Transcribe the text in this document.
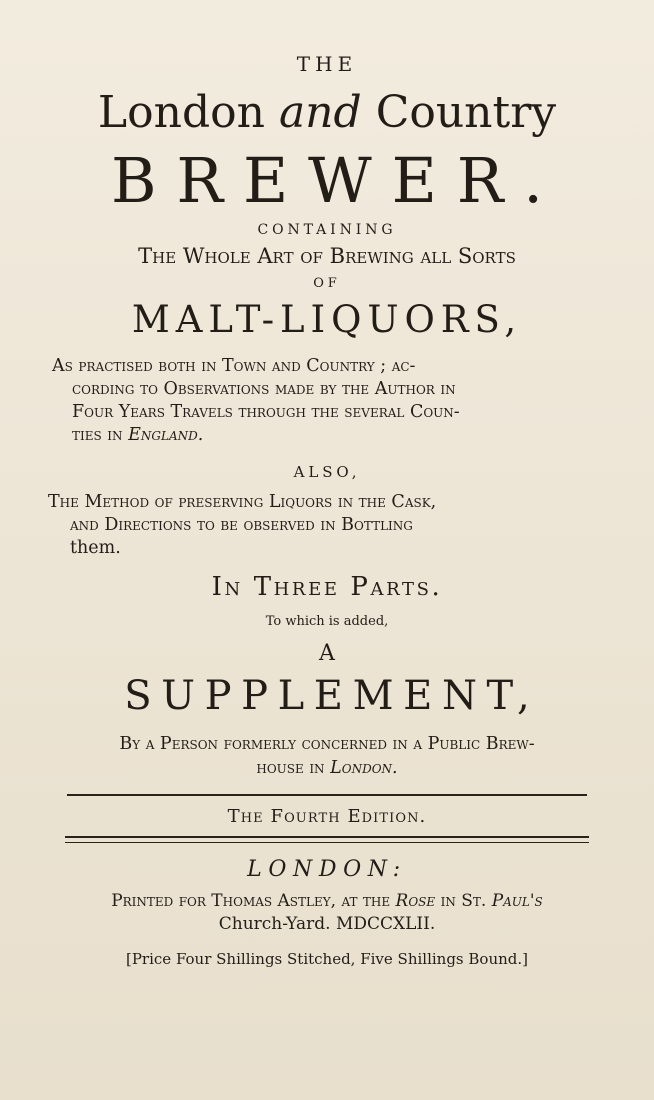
THE
London and Country
BREWER.
CONTAINING
The Whole Art of Brewing all Sorts
OF
MALT-LIQUORS,
As practised both in Town and Country ; ac-
cording to Observations made by the Author in
Four Years Travels through the several Coun-
ties in England.
ALSO,
The Method of preserving Liquors in the Cask,
and Directions to be observed in Bottling
them.
In Three Parts.
To which is added,
A
SUPPLEMENT,
By a Person formerly concerned in a Public Brew-
house in London.
The Fourth Edition.
LONDON:
Printed for Thomas Astley, at the Rose in St. Paul's
Church-Yard. MDCCXLII.
[Price Four Shillings Stitched, Five Shillings Bound.]
